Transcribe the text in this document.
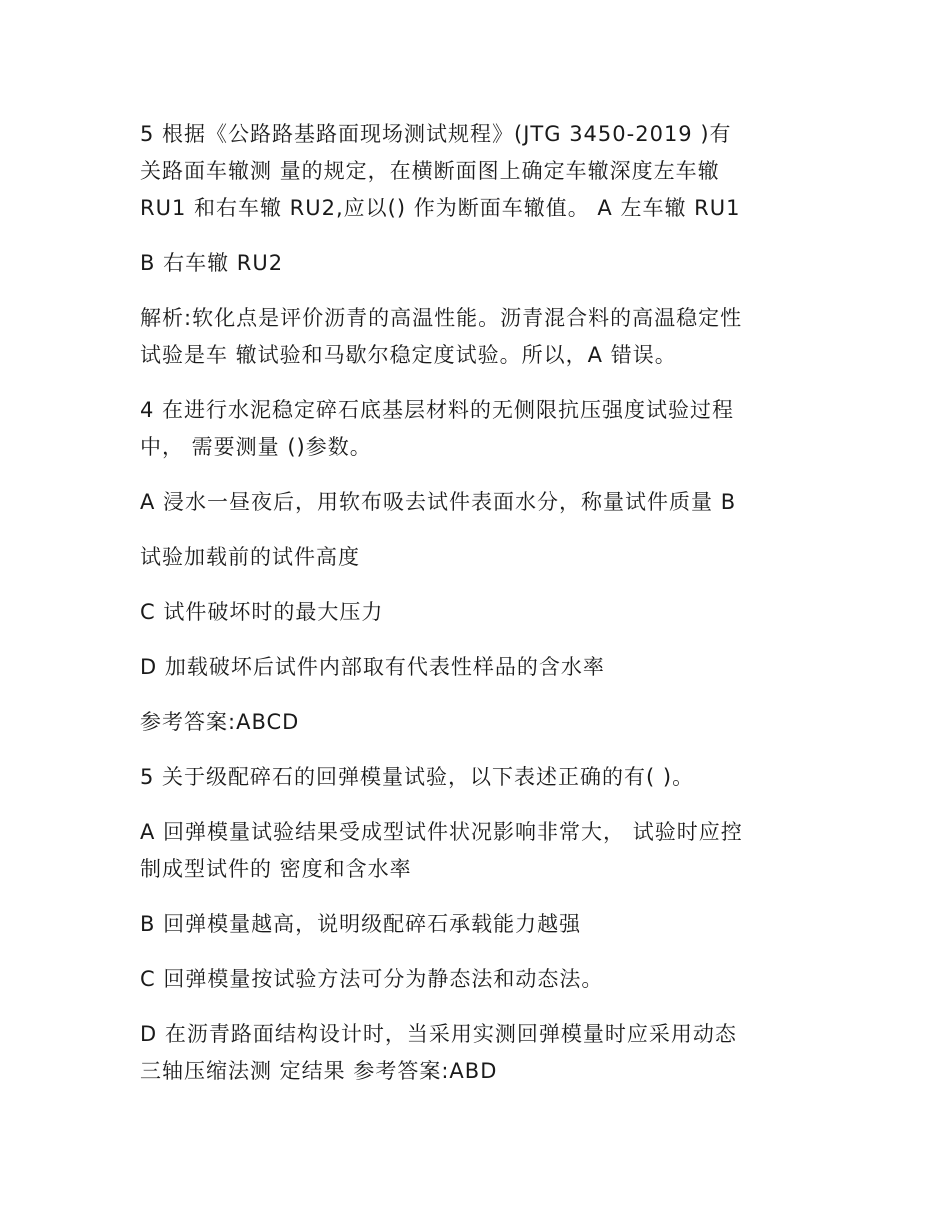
5 根据《公路路基路面现场测试规程》(JTG 3450-2019 )有
关路面车辙测 量的规定，在横断面图上确定车辙深度左车辙
RU1 和右车辙 RU2,应以() 作为断面车辙值。 A 左车辙 RU1

B 右车辙 RU2

解析:软化点是评价沥青的高温性能。沥青混合料的高温稳定性
试验是车 辙试验和马歇尔稳定度试验。所以，A 错误。

4 在进行水泥稳定碎石底基层材料的无侧限抗压强度试验过程
中， 需要测量 ()参数。

A 浸水一昼夜后，用软布吸去试件表面水分，称量试件质量 B

试验加载前的试件高度

C 试件破坏时的最大压力

D 加载破坏后试件内部取有代表性样品的含水率

参考答案:ABCD

5 关于级配碎石的回弹模量试验，以下表述正确的有( )。

A 回弹模量试验结果受成型试件状况影响非常大， 试验时应控
制成型试件的 密度和含水率

B 回弹模量越高，说明级配碎石承载能力越强

C 回弹模量按试验方法可分为静态法和动态法。

D 在沥青路面结构设计时，当采用实测回弹模量时应采用动态
三轴压缩法测 定结果 参考答案:ABD
